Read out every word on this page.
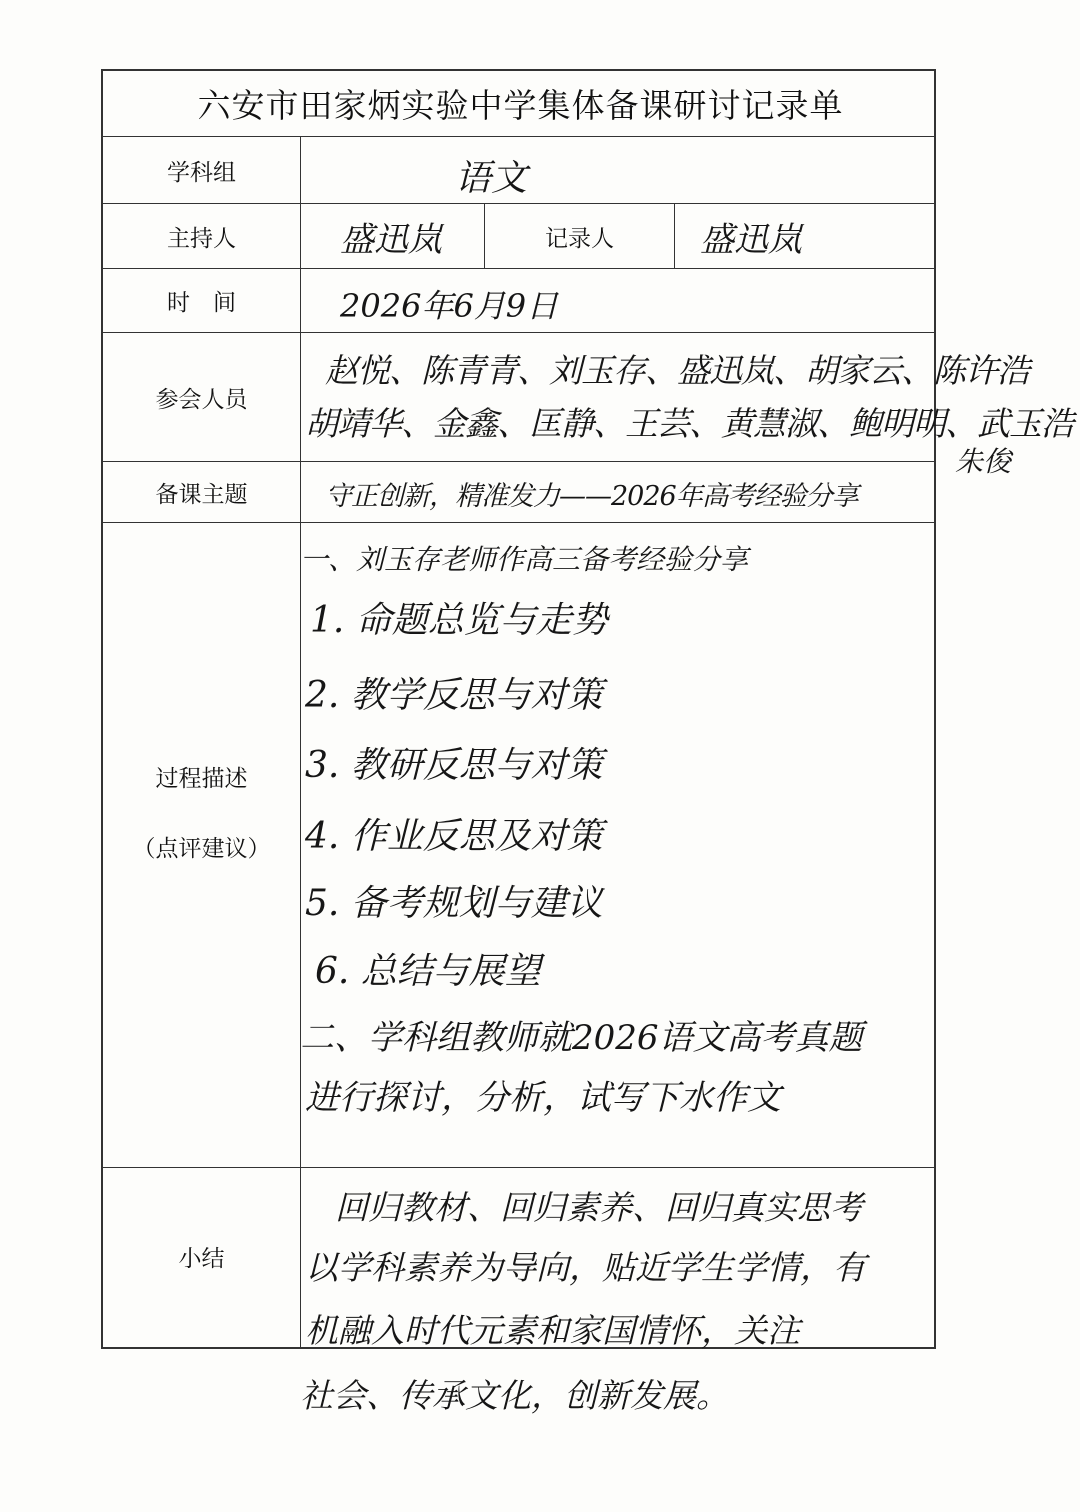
六安市田家炳实验中学集体备课研讨记录单
学科组
主持人	记录人
时　间
参会人员
备课主题
过程描述
（点评建议）
小结
语文
盛迅岚	盛迅岚
2026年6月9日
赵悦、陈青青、刘玉存、盛迅岚、胡家云、陈许浩
胡靖华、金鑫、匡静、王芸、黄慧淑、鲍明明、武玉浩
朱俊
守正创新，精准发力——2026年高考经验分享
一、刘玉存老师作高三备考经验分享
1. 命题总览与走势
2. 教学反思与对策
3. 教研反思与对策
4. 作业反思及对策
5. 备考规划与建议
6. 总结与展望
二、学科组教师就2026语文高考真题
进行探讨，分析，试写下水作文
回归教材、回归素养、回归真实思考
以学科素养为导向，贴近学生学情，有
机融入时代元素和家国情怀，关注
社会、传承文化，创新发展。
